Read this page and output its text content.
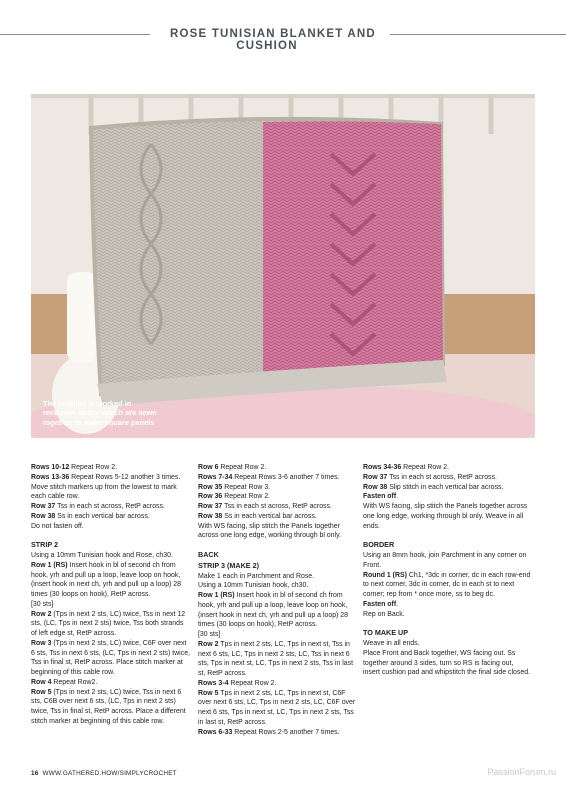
ROSE TUNISIAN BLANKET AND CUSHION
The cushion is worked in rectangle strips, which are sewn together to make square panels

Rows 10-12 Repeat Row 2.

Rows 13-36 Repeat Rows 5-12 another 3 times. Move stitch markers up from the lowest to mark each cable row.

Row 37 Tss in each st across, RetP across.

Row 38 Ss in each vertical bar across.

Do not fasten off.

STRIP 2

Using a 10mm Tunisian hook and Rose, ch30.

Row 1 (RS) Insert hook in bl of second ch from hook, yrh and pull up a loop, leave loop on hook, (insert hook in next ch, yrh and pull up a loop) 28 times (30 loops on hook), RetP across.

[30 sts]

Row 2 (Tps in next 2 sts, LC) twice, Tss in next 12 sts, (LC, Tps in next 2 sts) twice, Tss both strands of left edge st, RetP across.

Row 3 (Tps in next 2 sts, LC) twice, C6F over next 6 sts, Tss in next 6 sts, (LC, Tps in next 2 sts) twice, Tss in final st, RetP across. Place stitch marker at beginning of this cable row.

Row 4 Repeat Row2.

Row 5 (Tps in next 2 sts, LC) twice, Tss in next 6 sts, C6B over next 6 sts, (LC, Tps in next 2 sts) twice, Tss in final st, RetP across. Place a different stitch marker at beginning of this cable row.

Row 6 Repeat Row 2.

Rows 7-34 Repeat Rows 3-6 another 7 times.

Row 35 Repeat Row 3.

Row 36 Repeat Row 2.

Row 37 Tss in each st across, RetP across.

Row 38 Ss in each vertical bar across.

With WS facing, slip stitch the Panels together across one long edge, working through bl only.

BACK
STRIP 3 (MAKE 2)

Make 1 each in Parchment and Rose.

Using a 10mm Tunisian hook, ch30.

Row 1 (RS) Insert hook in bl of second ch from hook, yrh and pull up a loop, leave loop on hook, (insert hook in next ch, yrh and pull up a loop) 28 times (30 loops on hook), RetP across.

[30 sts]

Row 2 Tps in next 2 sts, LC, Tps in next st, Tss in next 6 sts, LC, Tps in next 2 sts, LC, Tss in next 6 sts, Tps in next st, LC, Tps in next 2 sts, Tss in last st, RetP across.

Rows 3-4 Repeat Row 2.

Row 5 Tps in next 2 sts, LC, Tps in next st, C6F over next 6 sts, LC, Tps in next 2 sts, LC, C6F over next 6 sts, Tps in next st, LC, Tps in next 2 sts, Tss in last st, RetP across.

Rows 6-33 Repeat Rows 2-5 another 7 times.

Rows 34-36 Repeat Row 2.

Row 37 Tss in each st across, RetP across.

Row 38 Slip stitch in each vertical bar across.

Fasten off.

With WS facing, slip stitch the Panels together across one long edge, working through bl only. Weave in all ends.

BORDER

Using an 8mm hook, join Parchment in any corner on Front.

Round 1 (RS) Ch1, *3dc in corner, dc in each row-end to next corner, 3dc in corner, dc in each st to next corner; rep from * once more, ss to beg dc.

Fasten off.

Rep on Back.

TO MAKE UP

Weave in all ends.

Place Front and Back together, WS facing out. Ss together around 3 sides, turn so RS is facing out, insert cushion pad and whipstitch the final side closed.

16 WWW.GATHERED.HOW/SIMPLYCROCHET	PassionForum.ru
